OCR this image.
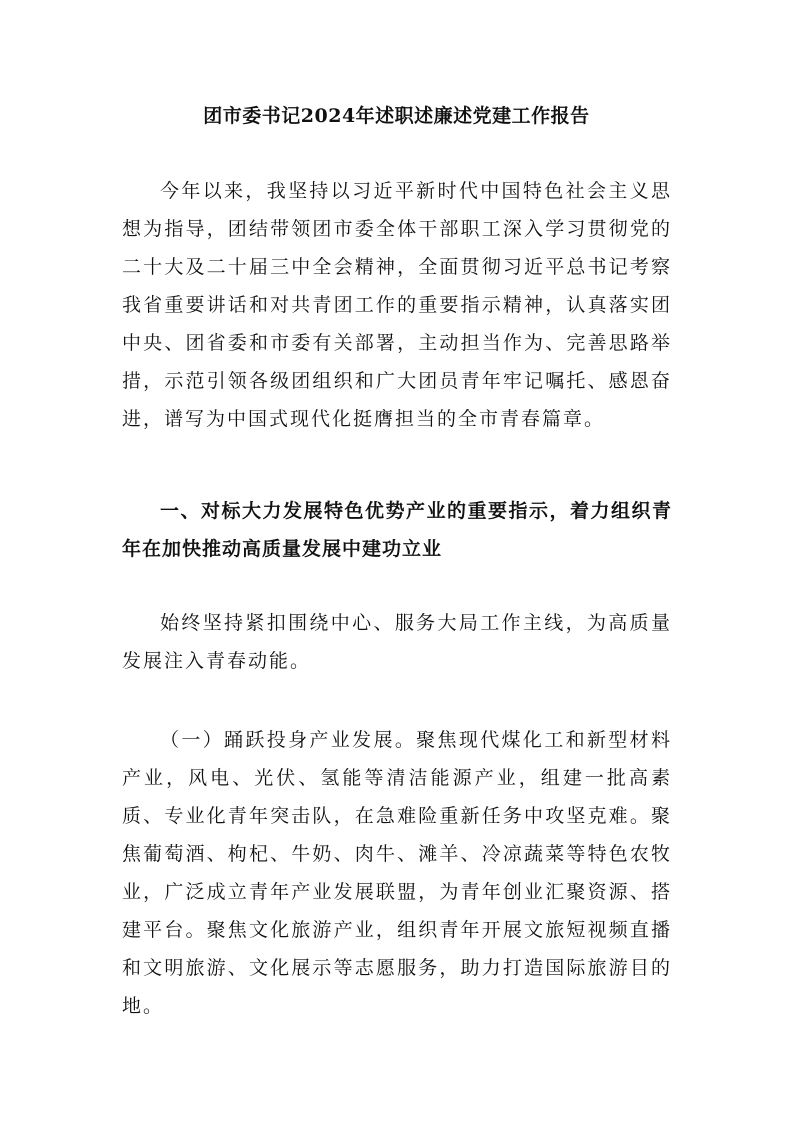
团市委书记2024年述职述廉述党建工作报告

今年以来，我坚持以习近平新时代中国特色社会主义思想为指导，团结带领团市委全体干部职工深入学习贯彻党的二十大及二十届三中全会精神，全面贯彻习近平总书记考察我省重要讲话和对共青团工作的重要指示精神，认真落实团中央、团省委和市委有关部署，主动担当作为、完善思路举措，示范引领各级团组织和广大团员青年牢记嘱托、感恩奋进，谱写为中国式现代化挺膺担当的全市青春篇章。

一、对标大力发展特色优势产业的重要指示，着力组织青年在加快推动高质量发展中建功立业

始终坚持紧扣围绕中心、服务大局工作主线，为高质量发展注入青春动能。

（一）踊跃投身产业发展。聚焦现代煤化工和新型材料产业，风电、光伏、氢能等清洁能源产业，组建一批高素质、专业化青年突击队，在急难险重新任务中攻坚克难。聚焦葡萄酒、枸杞、牛奶、肉牛、滩羊、冷凉蔬菜等特色农牧业，广泛成立青年产业发展联盟，为青年创业汇聚资源、搭建平台。聚焦文化旅游产业，组织青年开展文旅短视频直播和文明旅游、文化展示等志愿服务，助力打造国际旅游目的地。
